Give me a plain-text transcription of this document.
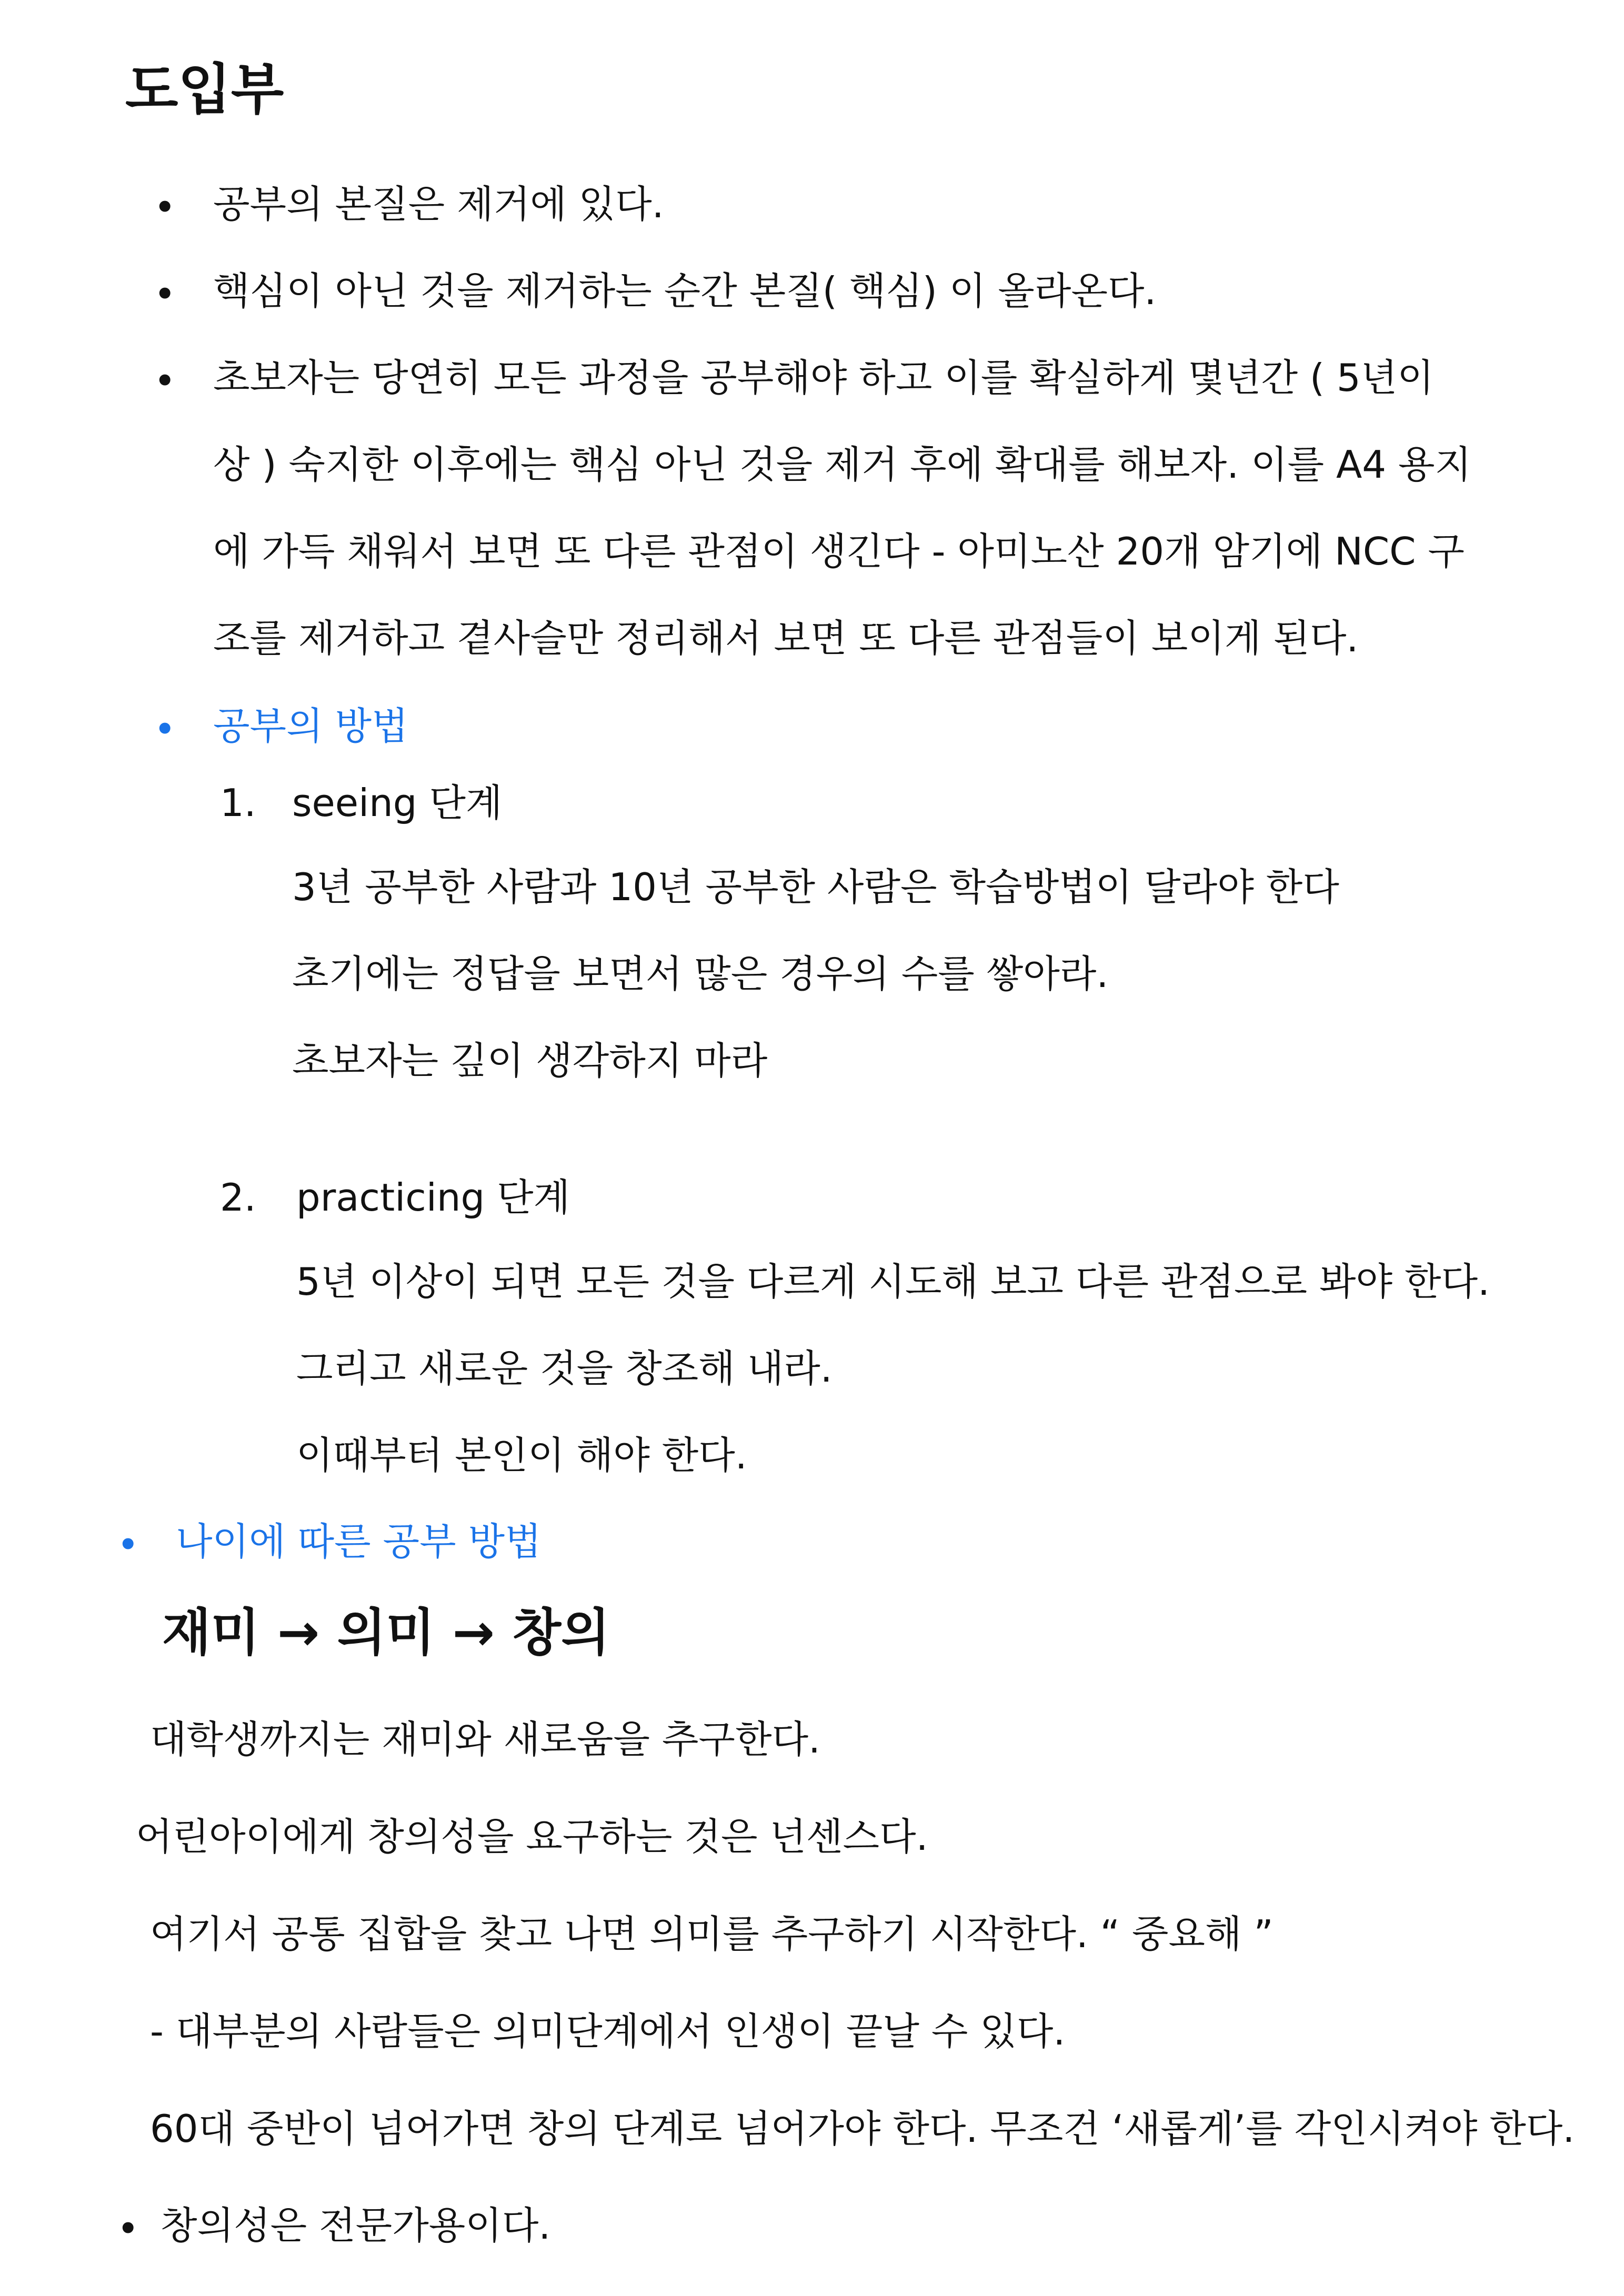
도입부
• 공부의 본질은 제거에 있다.
• 핵심이 아닌 것을 제거하는 순간 본질( 핵심) 이 올라온다.
• 초보자는 당연히 모든 과정을 공부해야 하고 이를 확실하게 몇년간 ( 5년이
상 ) 숙지한 이후에는 핵심 아닌 것을 제거 후에 확대를 해보자. 이를 A4 용지
에 가득 채워서 보면 또 다른 관점이 생긴다 - 아미노산 20개 암기에 NCC 구
조를 제거하고 곁사슬만 정리해서 보면 또 다른 관점들이 보이게 된다.
• 공부의 방법
1. seeing 단계
3년 공부한 사람과 10년 공부한 사람은 학습방법이 달라야 한다
초기에는 정답을 보면서 많은 경우의 수를 쌓아라.
초보자는 깊이 생각하지 마라
2. practicing 단계
5년 이상이 되면 모든 것을 다르게 시도해 보고 다른 관점으로 봐야 한다.
그리고 새로운 것을 창조해 내라.
이때부터 본인이 해야 한다.
• 나이에 따른 공부 방법
재미 → 의미 → 창의
대학생까지는 재미와 새로움을 추구한다.
어린아이에게 창의성을 요구하는 것은 넌센스다.
여기서 공통 집합을 찾고 나면 의미를 추구하기 시작한다. “ 중요해 ”
- 대부분의 사람들은 의미단계에서 인생이 끝날 수 있다.
60대 중반이 넘어가면 창의 단계로 넘어가야 한다. 무조건 ‘새롭게’를 각인시켜야 한다.
• 창의성은 전문가용이다.
